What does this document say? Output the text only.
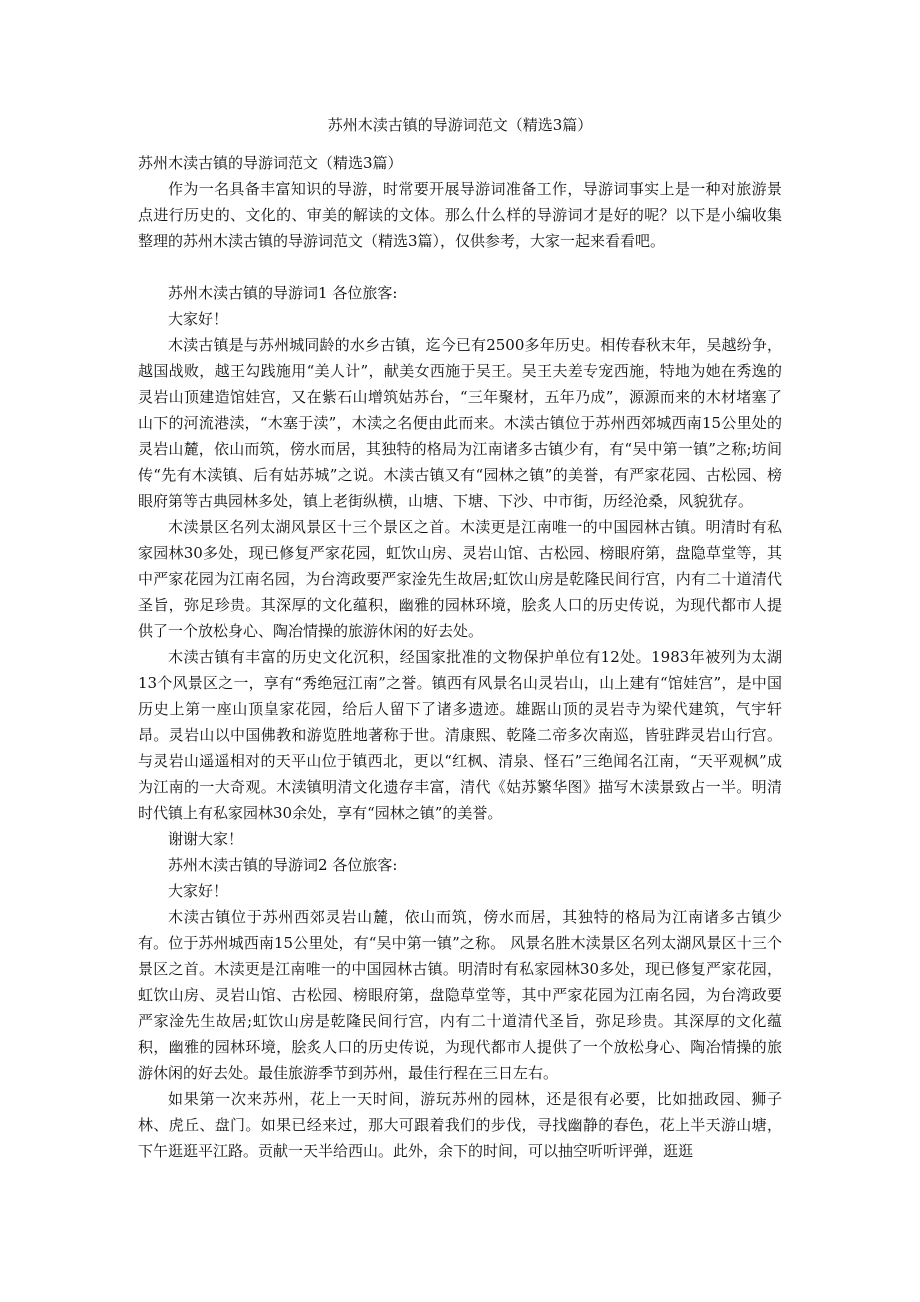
苏州木渎古镇的导游词范文（精选3篇）
苏州木渎古镇的导游词范文（精选3篇）

作为一名具备丰富知识的导游，时常要开展导游词准备工作，导游词事实上是一种对旅游景点进行历史的、文化的、审美的解读的文体。那么什么样的导游词才是好的呢？以下是小编收集整理的苏州木渎古镇的导游词范文（精选3篇），仅供参考，大家一起来看看吧。

苏州木渎古镇的导游词1 各位旅客:

大家好！

木渎古镇是与苏州城同龄的水乡古镇，迄今已有2500多年历史。相传春秋末年，吴越纷争，越国战败，越王勾践施用“美人计”，献美女西施于吴王。吴王夫差专宠西施，特地为她在秀逸的灵岩山顶建造馆娃宫，又在紫石山增筑姑苏台，“三年聚材，五年乃成”，源源而来的木材堵塞了山下的河流港渎，“木塞于渎”，木渎之名便由此而来。木渎古镇位于苏州西郊城西南15公里处的灵岩山麓，依山而筑，傍水而居，其独特的格局为江南诸多古镇少有，有“吴中第一镇”之称;坊间传“先有木渎镇、后有姑苏城”之说。木渎古镇又有“园林之镇”的美誉，有严家花园、古松园、榜眼府第等古典园林多处，镇上老街纵横，山塘、下塘、下沙、中市街，历经沧桑，风貌犹存。

木渎景区名列太湖风景区十三个景区之首。木渎更是江南唯一的中国园林古镇。明清时有私家园林30多处，现已修复严家花园，虹饮山房、灵岩山馆、古松园、榜眼府第，盘隐草堂等，其中严家花园为江南名园，为台湾政要严家淦先生故居;虹饮山房是乾隆民间行宫，内有二十道清代圣旨，弥足珍贵。其深厚的文化蕴积，幽雅的园林环境，脍炙人口的历史传说，为现代都市人提供了一个放松身心、陶冶情操的旅游休闲的好去处。

木渎古镇有丰富的历史文化沉积，经国家批准的文物保护单位有12处。1983年被列为太湖13个风景区之一，享有“秀绝冠江南”之誉。镇西有风景名山灵岩山，山上建有“馆娃宫”，是中国历史上第一座山顶皇家花园，给后人留下了诸多遗迹。雄踞山顶的灵岩寺为梁代建筑，气宇轩昂。灵岩山以中国佛教和游览胜地著称于世。清康熙、乾隆二帝多次南巡，皆驻跸灵岩山行宫。与灵岩山遥遥相对的天平山位于镇西北，更以“红枫、清泉、怪石”三绝闻名江南，“天平观枫”成为江南的一大奇观。木渎镇明清文化遗存丰富，清代《姑苏繁华图》描写木渎景致占一半。明清时代镇上有私家园林30余处，享有“园林之镇”的美誉。

谢谢大家！

苏州木渎古镇的导游词2 各位旅客:

大家好！

木渎古镇位于苏州西郊灵岩山麓，依山而筑，傍水而居，其独特的格局为江南诸多古镇少有。位于苏州城西南15公里处，有“吴中第一镇”之称。 风景名胜木渎景区名列太湖风景区十三个景区之首。木渎更是江南唯一的中国园林古镇。明清时有私家园林30多处，现已修复严家花园，虹饮山房、灵岩山馆、古松园、榜眼府第，盘隐草堂等，其中严家花园为江南名园，为台湾政要严家淦先生故居;虹饮山房是乾隆民间行宫，内有二十道清代圣旨，弥足珍贵。其深厚的文化蕴积，幽雅的园林环境，脍炙人口的历史传说，为现代都市人提供了一个放松身心、陶冶情操的旅游休闲的好去处。最佳旅游季节到苏州，最佳行程在三日左右。

如果第一次来苏州，花上一天时间，游玩苏州的园林，还是很有必要，比如拙政园、狮子林、虎丘、盘门。如果已经来过，那大可跟着我们的步伐，寻找幽静的春色，花上半天游山塘，下午逛逛平江路。贡献一天半给西山。此外，余下的时间，可以抽空听听评弹，逛逛
